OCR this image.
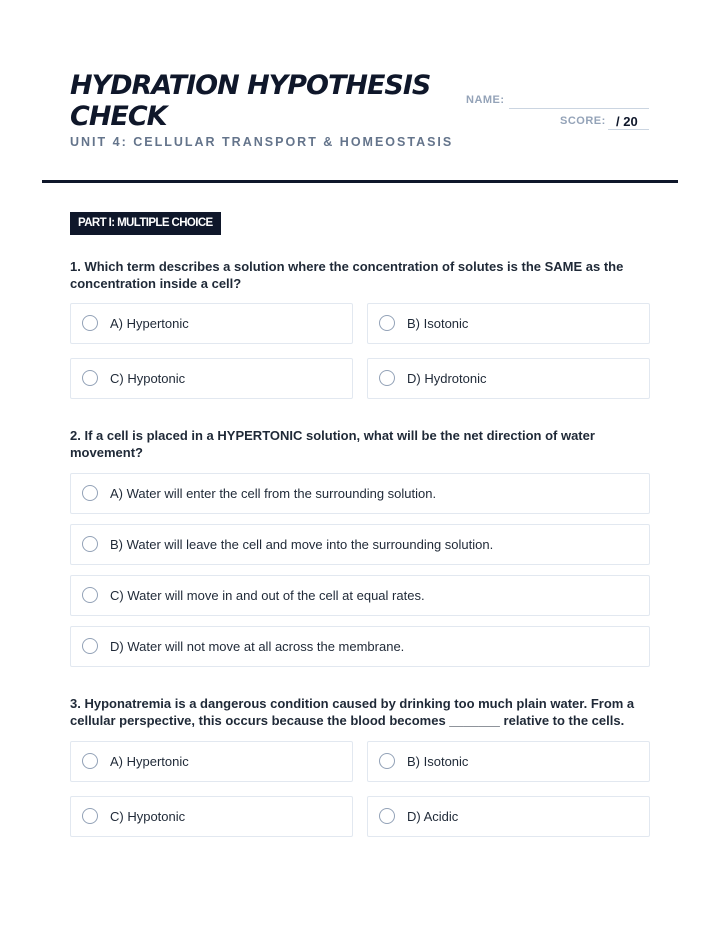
HYDRATION HYPOTHESIS CHECK
UNIT 4: CELLULAR TRANSPORT & HOMEOSTASIS
NAME:
SCORE: / 20
PART I: MULTIPLE CHOICE
1. Which term describes a solution where the concentration of solutes is the SAME as the concentration inside a cell?
A) Hypertonic	B) Isotonic
C) Hypotonic	D) Hydrotonic
2. If a cell is placed in a HYPERTONIC solution, what will be the net direction of water movement?
A) Water will enter the cell from the surrounding solution.
B) Water will leave the cell and move into the surrounding solution.
C) Water will move in and out of the cell at equal rates.
D) Water will not move at all across the membrane.
3. Hyponatremia is a dangerous condition caused by drinking too much plain water. From a cellular perspective, this occurs because the blood becomes _______ relative to the cells.
A) Hypertonic	B) Isotonic
C) Hypotonic	D) Acidic
